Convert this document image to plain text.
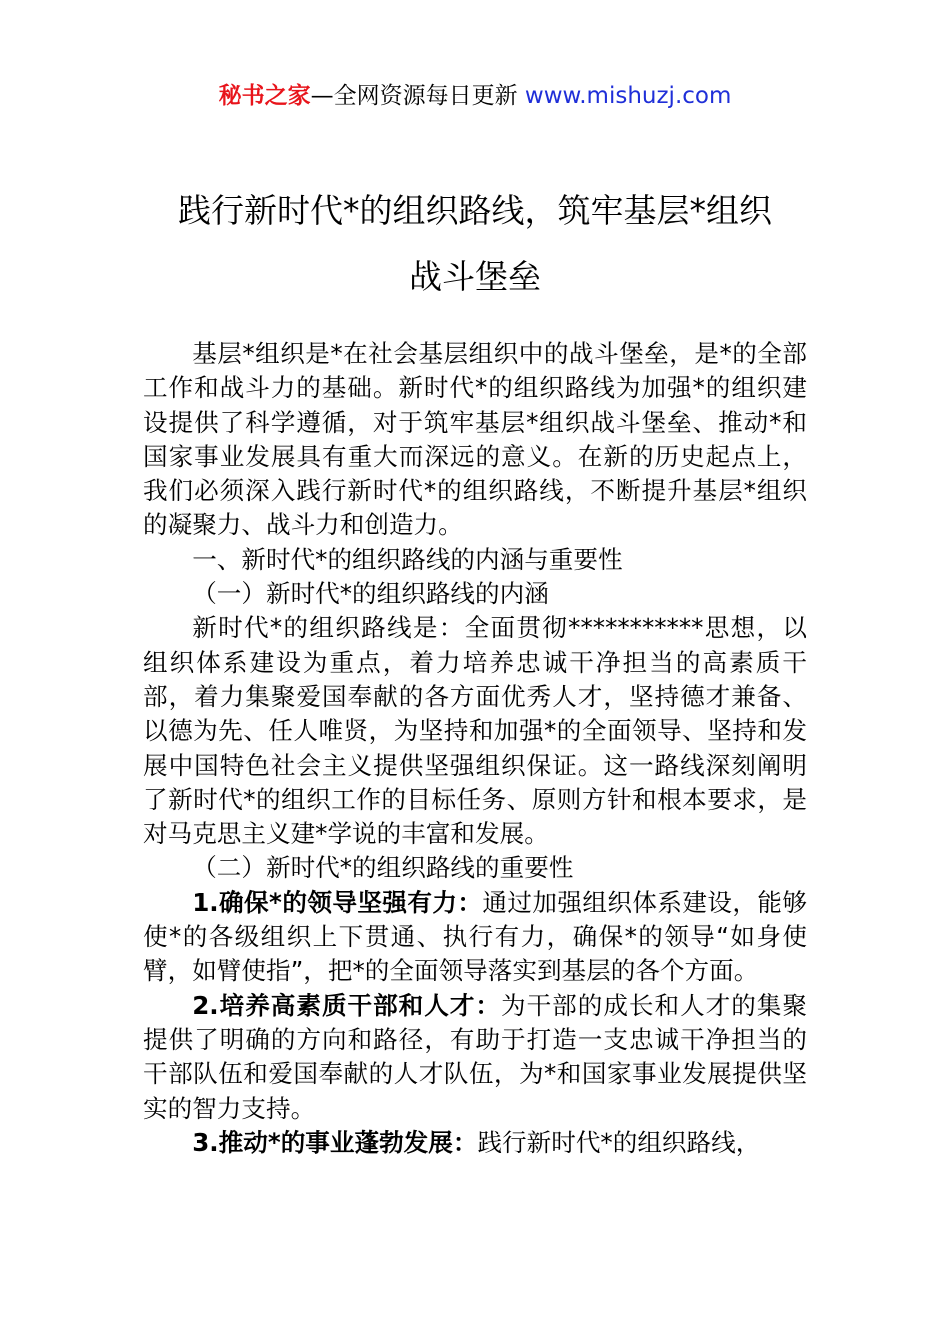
秘书之家—全网资源每日更新 www.mishuzj.com
践行新时代*的组织路线，筑牢基层*组织
战斗堡垒

基层*组织是*在社会基层组织中的战斗堡垒，是*的全部工作和战斗力的基础。新时代*的组织路线为加强*的组织建设提供了科学遵循，对于筑牢基层*组织战斗堡垒、推动*和国家事业发展具有重大而深远的意义。在新的历史起点上，我们必须深入践行新时代*的组织路线，不断提升基层*组织的凝聚力、战斗力和创造力。

一、新时代*的组织路线的内涵与重要性

（一）新时代*的组织路线的内涵

新时代*的组织路线是：全面贯彻***********思想，以组织体系建设为重点，着力培养忠诚干净担当的高素质干部，着力集聚爱国奉献的各方面优秀人才，坚持德才兼备、以德为先、任人唯贤，为坚持和加强*的全面领导、坚持和发展中国特色社会主义提供坚强组织保证。这一路线深刻阐明了新时代*的组织工作的目标任务、原则方针和根本要求，是对马克思主义建*学说的丰富和发展。

（二）新时代*的组织路线的重要性

1.确保*的领导坚强有力：通过加强组织体系建设，能够使*的各级组织上下贯通、执行有力，确保*的领导“如身使臂，如臂使指”，把*的全面领导落实到基层的各个方面。

2.培养高素质干部和人才：为干部的成长和人才的集聚提供了明确的方向和路径，有助于打造一支忠诚干净担当的干部队伍和爱国奉献的人才队伍，为*和国家事业发展提供坚实的智力支持。

3.推动*的事业蓬勃发展：践行新时代*的组织路线，
